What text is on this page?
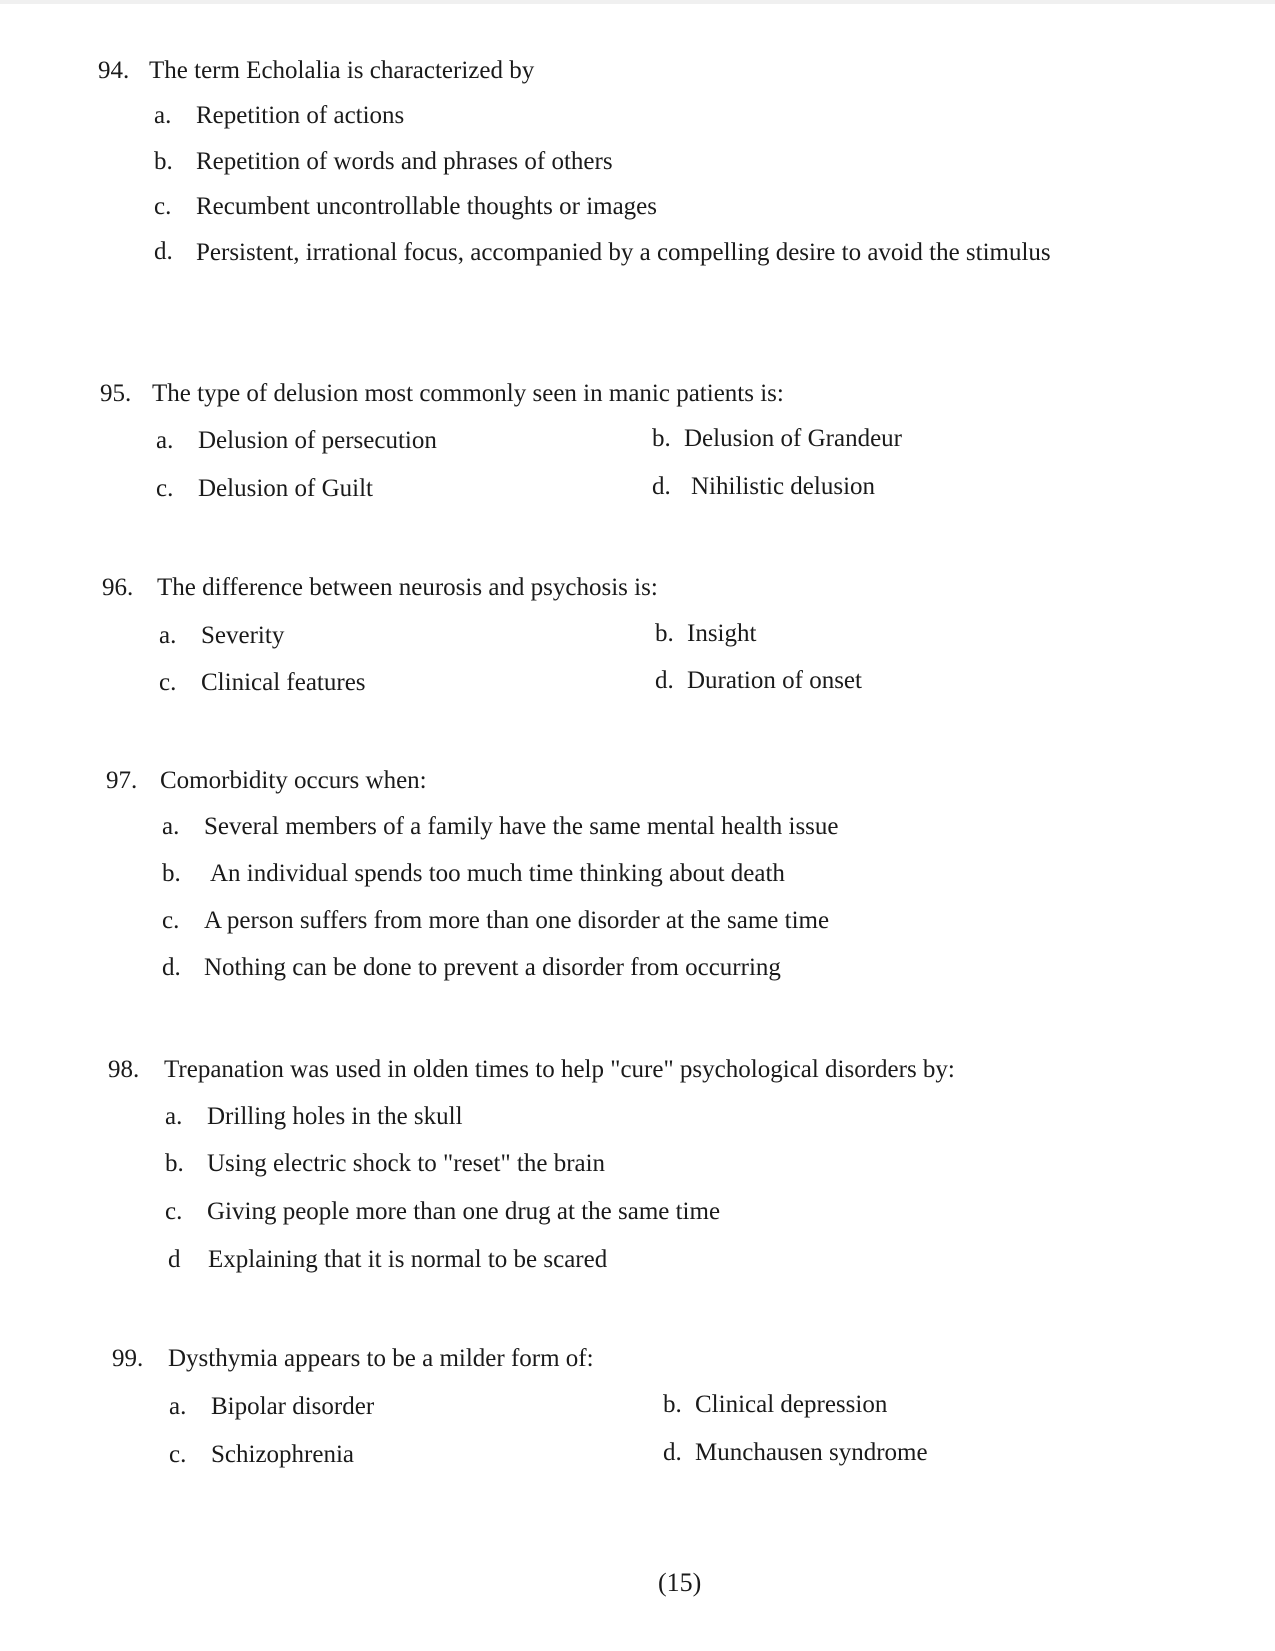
94. The term Echolalia is characterized by
a. Repetition of actions
b. Repetition of words and phrases of others
c. Recumbent uncontrollable thoughts or images
d. Persistent, irrational focus, accompanied by a compelling desire to avoid the stimulus
95. The type of delusion most commonly seen in manic patients is:
a. Delusion of persecution	b. Delusion of Grandeur
c. Delusion of Guilt	d. Nihilistic delusion
96. The difference between neurosis and psychosis is:
a. Severity	b. Insight
c. Clinical features	d. Duration of onset
97. Comorbidity occurs when:
a. Several members of a family have the same mental health issue
b. An individual spends too much time thinking about death
c. A person suffers from more than one disorder at the same time
d. Nothing can be done to prevent a disorder from occurring
98. Trepanation was used in olden times to help "cure" psychological disorders by:
a. Drilling holes in the skull
b. Using electric shock to "reset" the brain
c. Giving people more than one drug at the same time
d Explaining that it is normal to be scared
99. Dysthymia appears to be a milder form of:
a. Bipolar disorder	b. Clinical depression
c. Schizophrenia	d. Munchausen syndrome
(15)
